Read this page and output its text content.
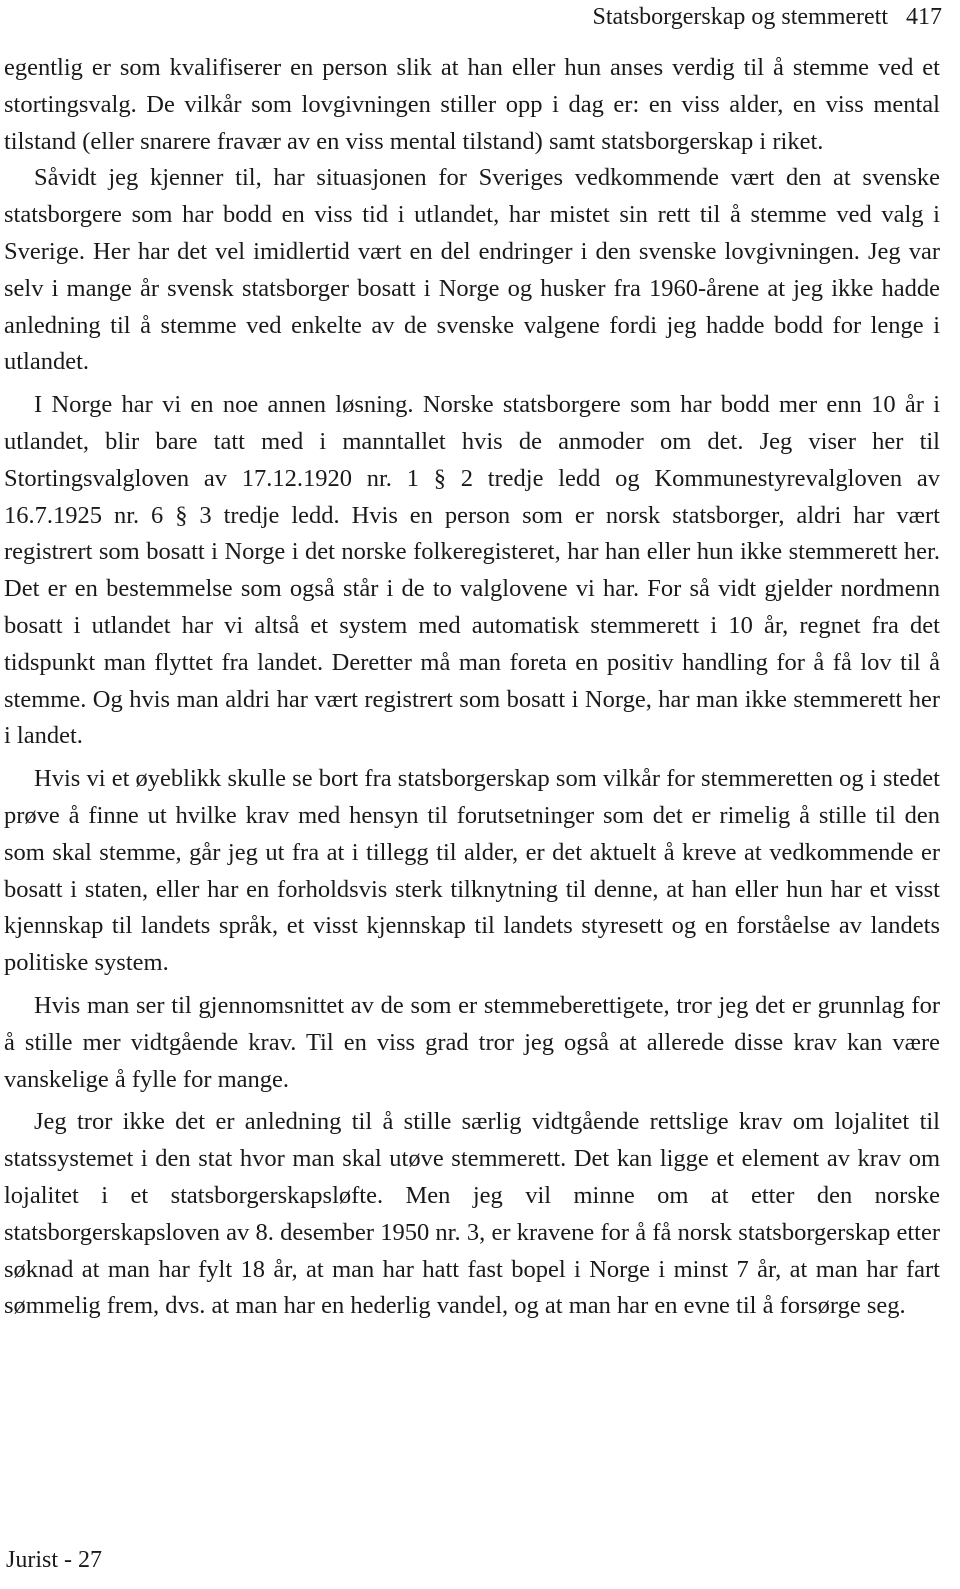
Statsborgerskap og stemmerett 417

egentlig er som kvalifiserer en person slik at han eller hun anses verdig til å stemme ved et stortingsvalg. De vilkår som lovgivningen stiller opp i dag er: en viss alder, en viss mental tilstand (eller snarere fravær av en viss mental tilstand) samt statsborgerskap i riket.

Såvidt jeg kjenner til, har situasjonen for Sveriges vedkommende vært den at svenske statsborgere som har bodd en viss tid i utlandet, har mistet sin rett til å stemme ved valg i Sverige. Her har det vel imidlertid vært en del endringer i den svenske lovgivningen. Jeg var selv i mange år svensk statsborger bosatt i Norge og husker fra 1960-årene at jeg ikke hadde anledning til å stemme ved enkelte av de svenske valgene fordi jeg hadde bodd for lenge i utlandet.

I Norge har vi en noe annen løsning. Norske statsborgere som har bodd mer enn 10 år i utlandet, blir bare tatt med i manntallet hvis de anmoder om det. Jeg viser her til Stortingsvalgloven av 17.12.1920 nr. 1 § 2 tredje ledd og Kommunestyrevalgloven av 16.7.1925 nr. 6 § 3 tredje ledd. Hvis en person som er norsk statsborger, aldri har vært registrert som bosatt i Norge i det norske folkeregisteret, har han eller hun ikke stemmerett her. Det er en bestemmelse som også står i de to valglovene vi har. For så vidt gjelder nordmenn bosatt i utlandet har vi altså et system med automatisk stemmerett i 10 år, regnet fra det tidspunkt man flyttet fra landet. Deretter må man foreta en positiv handling for å få lov til å stemme. Og hvis man aldri har vært registrert som bosatt i Norge, har man ikke stemmerett her i landet.

Hvis vi et øyeblikk skulle se bort fra statsborgerskap som vilkår for stemmeretten og i stedet prøve å finne ut hvilke krav med hensyn til forutsetninger som det er rimelig å stille til den som skal stemme, går jeg ut fra at i tillegg til alder, er det aktuelt å kreve at vedkommende er bosatt i staten, eller har en forholdsvis sterk tilknytning til denne, at han eller hun har et visst kjennskap til landets språk, et visst kjennskap til landets styresett og en forståelse av landets politiske system.

Hvis man ser til gjennomsnittet av de som er stemmeberettigete, tror jeg det er grunnlag for å stille mer vidtgående krav. Til en viss grad tror jeg også at allerede disse krav kan være vanskelige å fylle for mange.

Jeg tror ikke det er anledning til å stille særlig vidtgående rettslige krav om lojalitet til statssystemet i den stat hvor man skal utøve stemmerett. Det kan ligge et element av krav om lojalitet i et statsborgerskapsløfte. Men jeg vil minne om at etter den norske statsborgerskapsloven av 8. desember 1950 nr. 3, er kravene for å få norsk statsborgerskap etter søknad at man har fylt 18 år, at man har hatt fast bopel i Norge i minst 7 år, at man har fart sømmelig frem, dvs. at man har en hederlig vandel, og at man har en evne til å forsørge seg.

Jurist - 27
